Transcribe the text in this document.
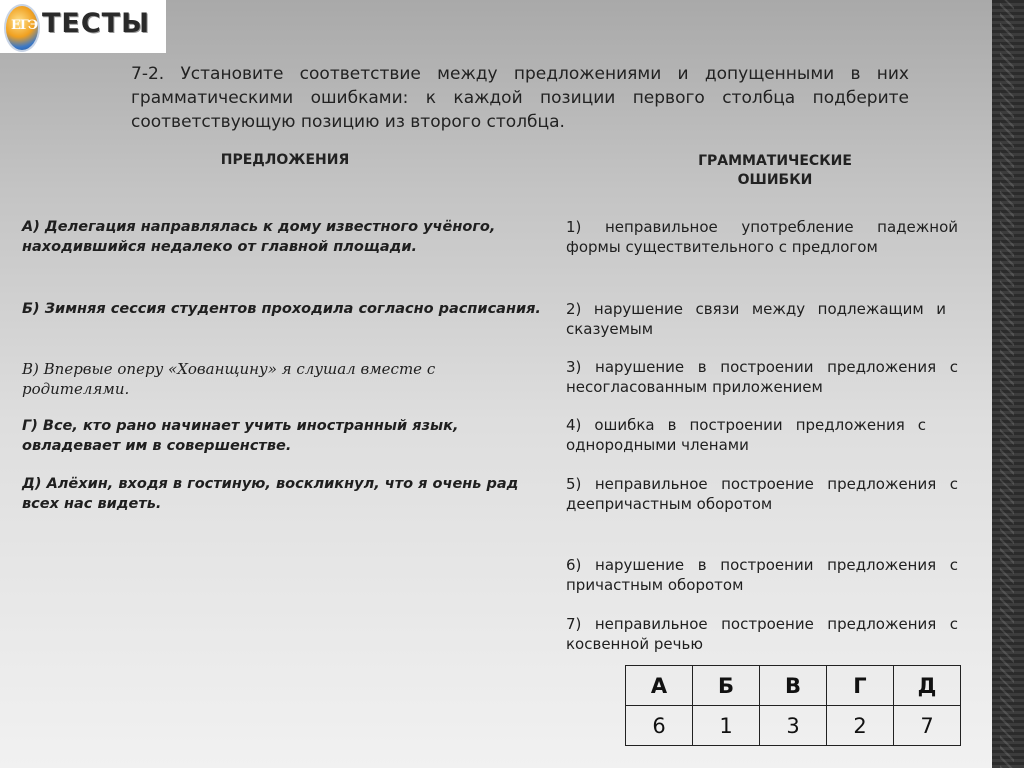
ЕГЭ ТЕСТЫ
7-2. Установите соответствие между предложениями и допущенными в них грамматическими ошибками: к каждой позиции первого столбца подберите соответствующую позицию из второго столбца.
ПРЕДЛОЖЕНИЯ	ГРАММАТИЧЕСКИЕ
ОШИБКИ
А) Делегация направлялась к дому известного учёного, находившийся недалеко от главной площади.
Б) Зимняя сессия студентов проходила согласно расписания.
В) Впервые оперу «Хованщину» я слушал вместе с родителями.
Г) Все, кто рано начинает учить иностранный язык, овладевает им в совершенстве.
Д) Алёхин, входя в гостиную, воскликнул, что я очень рад всех нас видеть.
1) неправильное употребление падежной формы существительного с предлогом
2) нарушение связи между подлежащим и сказуемым
3) нарушение в построении предложения с несогласованным приложением
4) ошибка в построении предложения с однородными членами
5) неправильное построение предложения с деепричастным оборотом
6) нарушение в построении предложения с причастным оборотом
7) неправильное построение предложения с косвенной речью
А	Б	В	Г	Д
6	1	3	2	7
